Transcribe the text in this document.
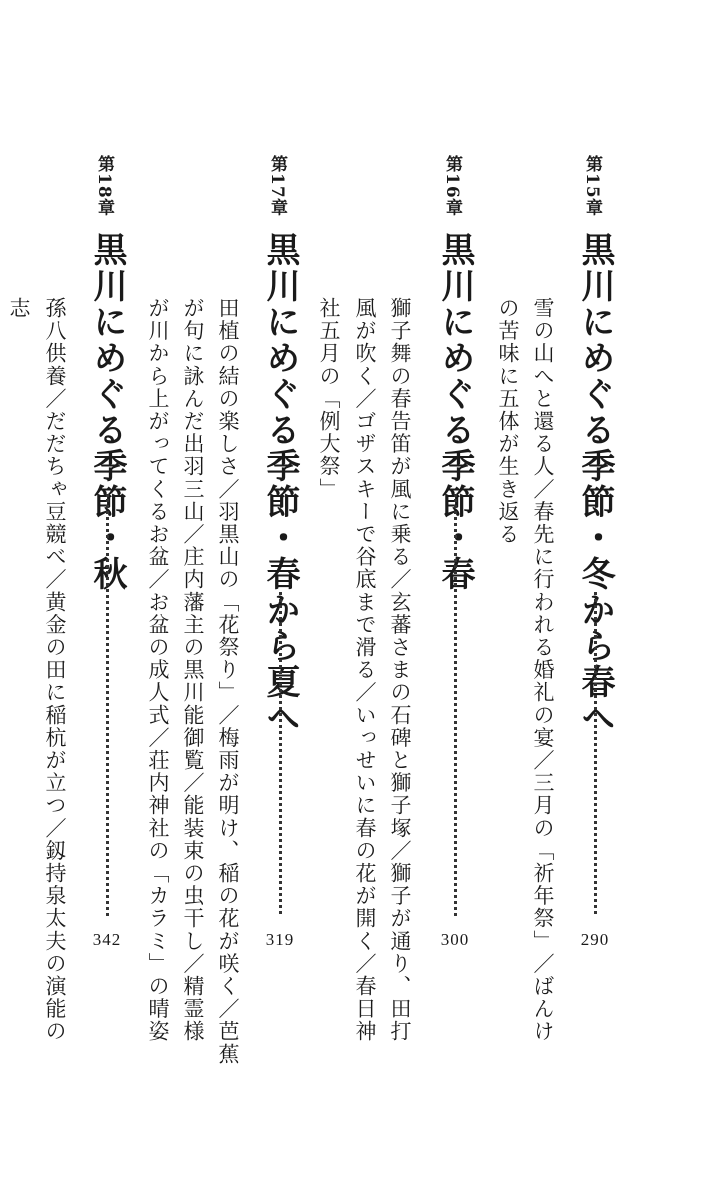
第15章
黒川にめぐる季節・冬から春へ
290
雪の山へと還る人／春先に行われる婚礼の宴／三月の「祈年祭」／ばんけ
の苦味に五体が生き返る
第16章
黒川にめぐる季節・春
300
獅子舞の春告笛が風に乗る／玄蕃さまの石碑と獅子塚／獅子が通り、田打
風が吹く／ゴザスキーで谷底まで滑る／いっせいに春の花が開く／春日神
社五月の「例大祭」
第17章
黒川にめぐる季節・春から夏へ
319
田植の結の楽しさ／羽黒山の「花祭り」／梅雨が明け、稲の花が咲く／芭蕉
が句に詠んだ出羽三山／庄内藩主の黒川能御覧／能装束の虫干し／精霊様
が川から上がってくるお盆／お盆の成人式／荘内神社の「カラミ」の晴姿
第18章
黒川にめぐる季節・秋
342
孫八供養／だだちゃ豆競べ／黄金の田に稲杭が立つ／釼持泉太夫の演能の
志
